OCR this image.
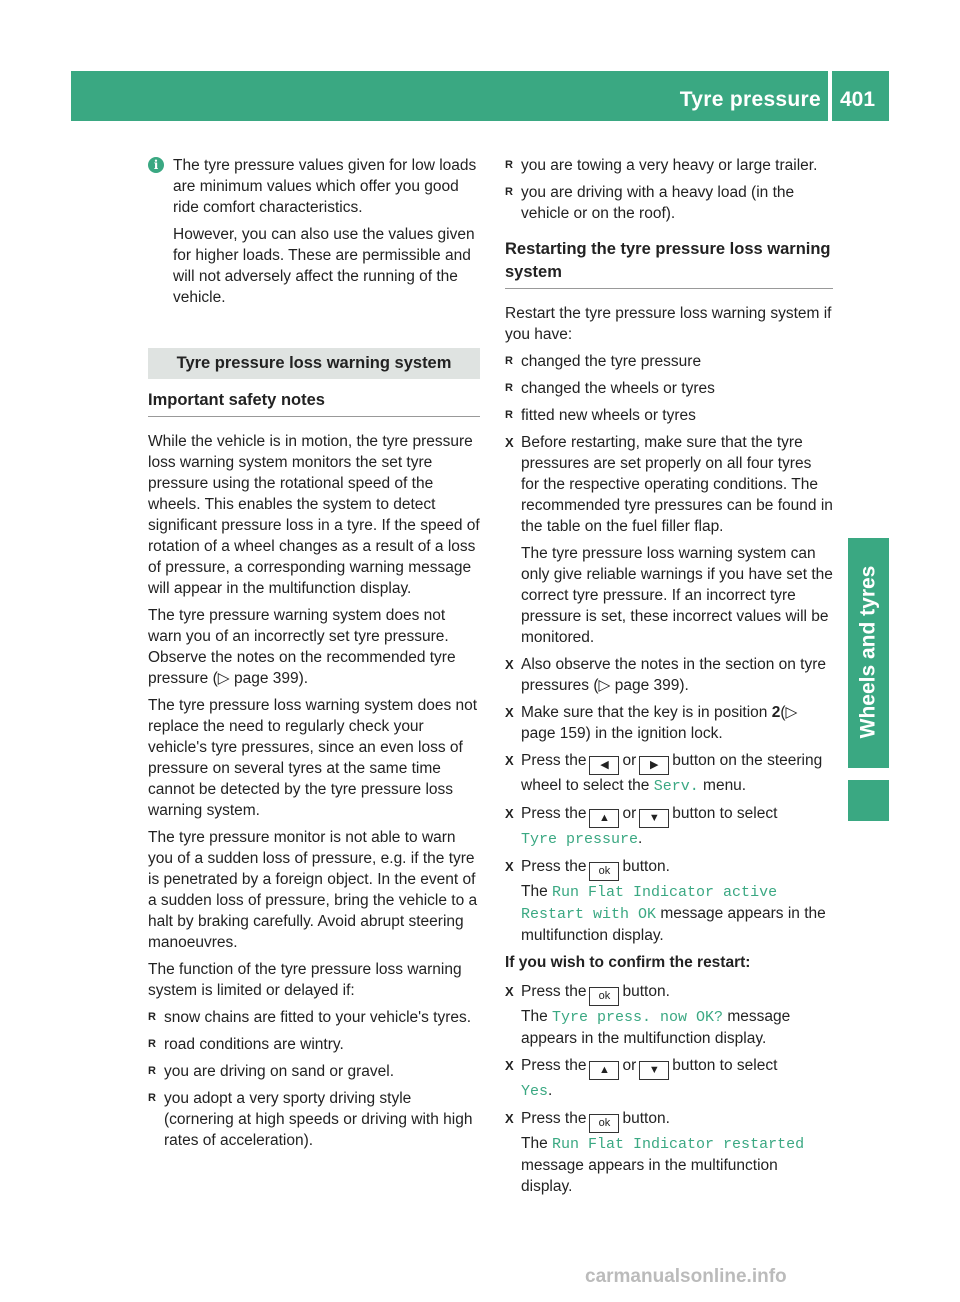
Tyre pressure 401
Wheels and tyres
i The tyre pressure values given for low loads are minimum values which offer you good ride comfort characteristics.

However, you can also use the values given for higher loads. These are permissible and will not adversely affect the running of the vehicle.

Tyre pressure loss warning system
Important safety notes

While the vehicle is in motion, the tyre pressure loss warning system monitors the set tyre pressure using the rotational speed of the wheels. This enables the system to detect significant pressure loss in a tyre. If the speed of rotation of a wheel changes as a result of a loss of pressure, a corresponding warning message will appear in the multifunction display.

The tyre pressure warning system does not warn you of an incorrectly set tyre pressure. Observe the notes on the recommended tyre pressure (▷ page 399).

The tyre pressure loss warning system does not replace the need to regularly check your vehicle's tyre pressures, since an even loss of pressure on several tyres at the same time cannot be detected by the tyre pressure loss warning system.

The tyre pressure monitor is not able to warn you of a sudden loss of pressure, e.g. if the tyre is penetrated by a foreign object. In the event of a sudden loss of pressure, bring the vehicle to a halt by braking carefully. Avoid abrupt steering manoeuvres.

The function of the tyre pressure loss warning system is limited or delayed if:

R snow chains are fitted to your vehicle's tyres.
R road conditions are wintry.
R you are driving on sand or gravel.
R you adopt a very sporty driving style (cornering at high speeds or driving with high rates of acceleration).
R you are towing a very heavy or large trailer.
R you are driving with a heavy load (in the vehicle or on the roof).
Restarting the tyre pressure loss warning system

Restart the tyre pressure loss warning system if you have:

R changed the tyre pressure
R changed the wheels or tyres
R fitted new wheels or tyres

X Before restarting, make sure that the tyre pressures are set properly on all four tyres for the respective operating conditions. The recommended tyre pressures can be found in the table on the fuel filler flap.

The tyre pressure loss warning system can only give reliable warnings if you have set the correct tyre pressure. If an incorrect tyre pressure is set, these incorrect values will be monitored.

X Also observe the notes in the section on tyre pressures (▷ page 399).
X Make sure that the key is in position 2(▷ page 159) in the ignition lock.
X Press the ◀ or ▶ button on the steering wheel to select the Serv. menu.
X Press the ▲ or ▼ button to select
Tyre pressure.
X Press the ok button.
The Run Flat Indicator active
Restart with OK message appears in the multifunction display.
If you wish to confirm the restart:
X Press the ok button.
The Tyre press. now OK? message appears in the multifunction display.
X Press the ▲ or ▼ button to select
Yes.
X Press the ok button.
The Run Flat Indicator restarted
message appears in the multifunction display.
carmanualsonline.info
